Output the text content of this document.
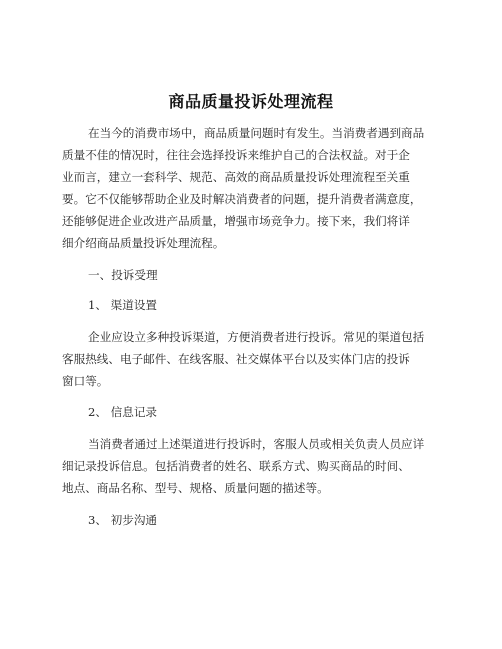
商品质量投诉处理流程
在当今的消费市场中，商品质量问题时有发生。当消费者遇到商品
质量不佳的情况时，往往会选择投诉来维护自己的合法权益。对于企
业而言，建立一套科学、规范、高效的商品质量投诉处理流程至关重
要。它不仅能够帮助企业及时解决消费者的问题，提升消费者满意度，
还能够促进企业改进产品质量，增强市场竞争力。接下来，我们将详
细介绍商品质量投诉处理流程。
一、投诉受理
1、 渠道设置
企业应设立多种投诉渠道，方便消费者进行投诉。常见的渠道包括
客服热线、电子邮件、在线客服、社交媒体平台以及实体门店的投诉
窗口等。
2、 信息记录
当消费者通过上述渠道进行投诉时，客服人员或相关负责人员应详
细记录投诉信息。包括消费者的姓名、联系方式、购买商品的时间、
地点、商品名称、型号、规格、质量问题的描述等。
3、 初步沟通
